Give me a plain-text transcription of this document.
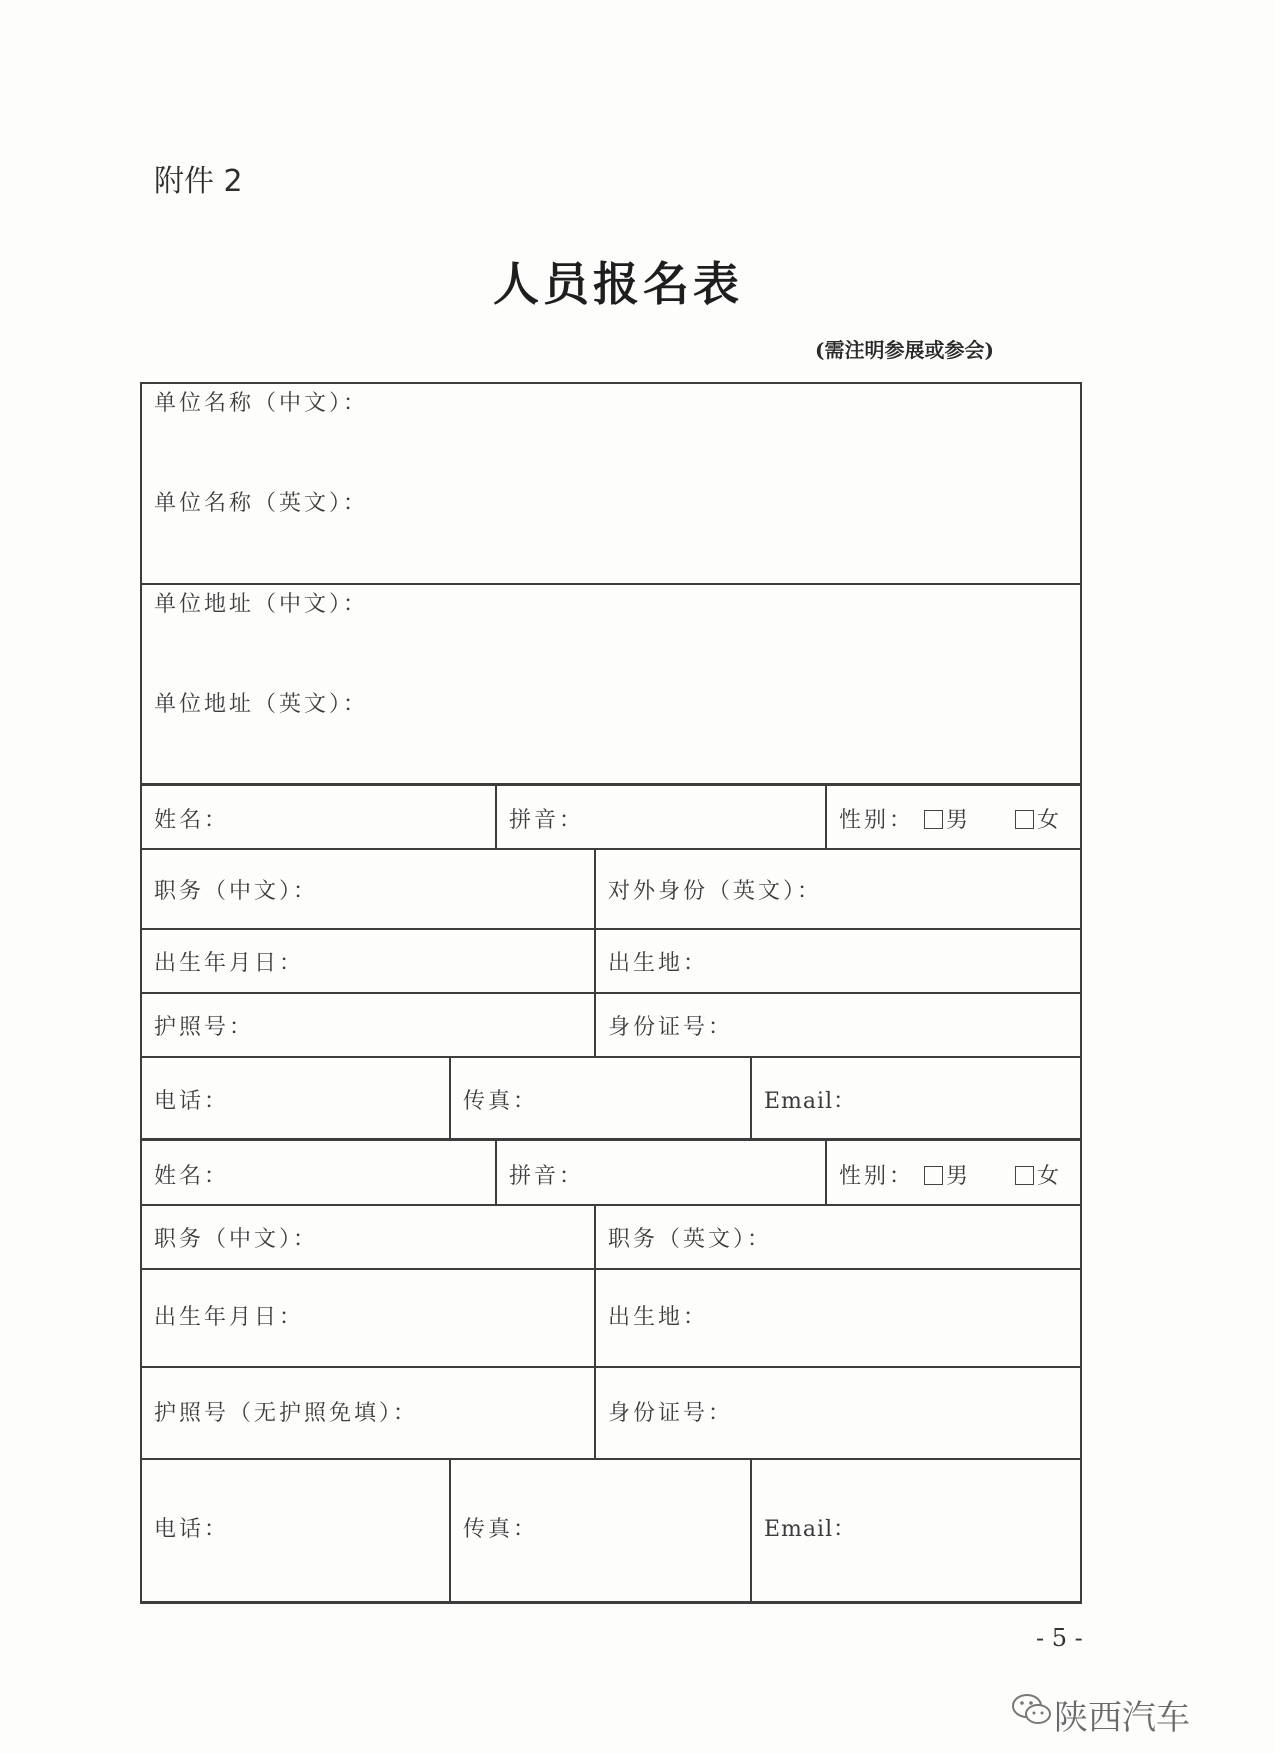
附件 2
人员报名表
(需注明参展或参会)
单位名称（中文）：
单位名称（英文）：
单位地址（中文）：
单位地址（英文）：
姓名：	拼音：	性别： 男	女
职务（中文）：	对外身份（英文）：
出生年月日：	出生地：
护照号：	身份证号：
电话：	传真：	Email：
姓名：	拼音：	性别： 男	女
职务（中文）：	职务（英文）：
出生年月日：	出生地：
护照号（无护照免填）：	身份证号：
电话：	传真：	Email：
- 5 -
陕西汽车
